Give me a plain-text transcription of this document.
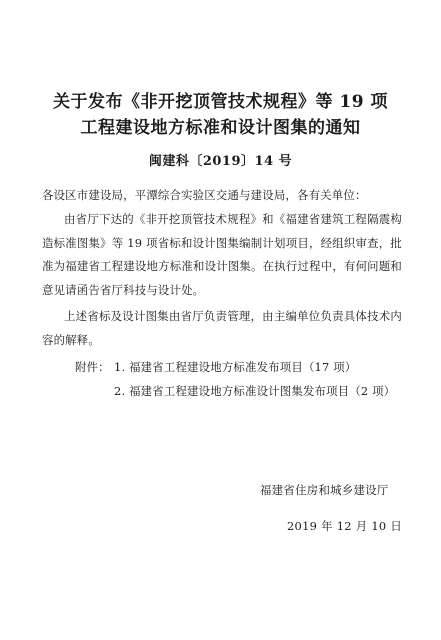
关于发布《非开挖顶管技术规程》等 19 项
工程建设地方标准和设计图集的通知
闽建科〔2019〕14 号
各设区市建设局，平潭综合实验区交通与建设局，各有关单位：
由省厅下达的《非开挖顶管技术规程》和《福建省建筑工程隔震构造标准图集》等 19 项省标和设计图集编制计划项目，经组织审查，批准为福建省工程建设地方标准和设计图集。在执行过程中，有何问题和意见请函告省厅科技与设计处。
上述省标及设计图集由省厅负责管理，由主编单位负责具体技术内容的解释。
附件： 1. 福建省工程建设地方标准发布项目（17 项）
2. 福建省工程建设地方标准设计图集发布项目（2 项）
福建省住房和城乡建设厅
2019 年 12 月 10 日
